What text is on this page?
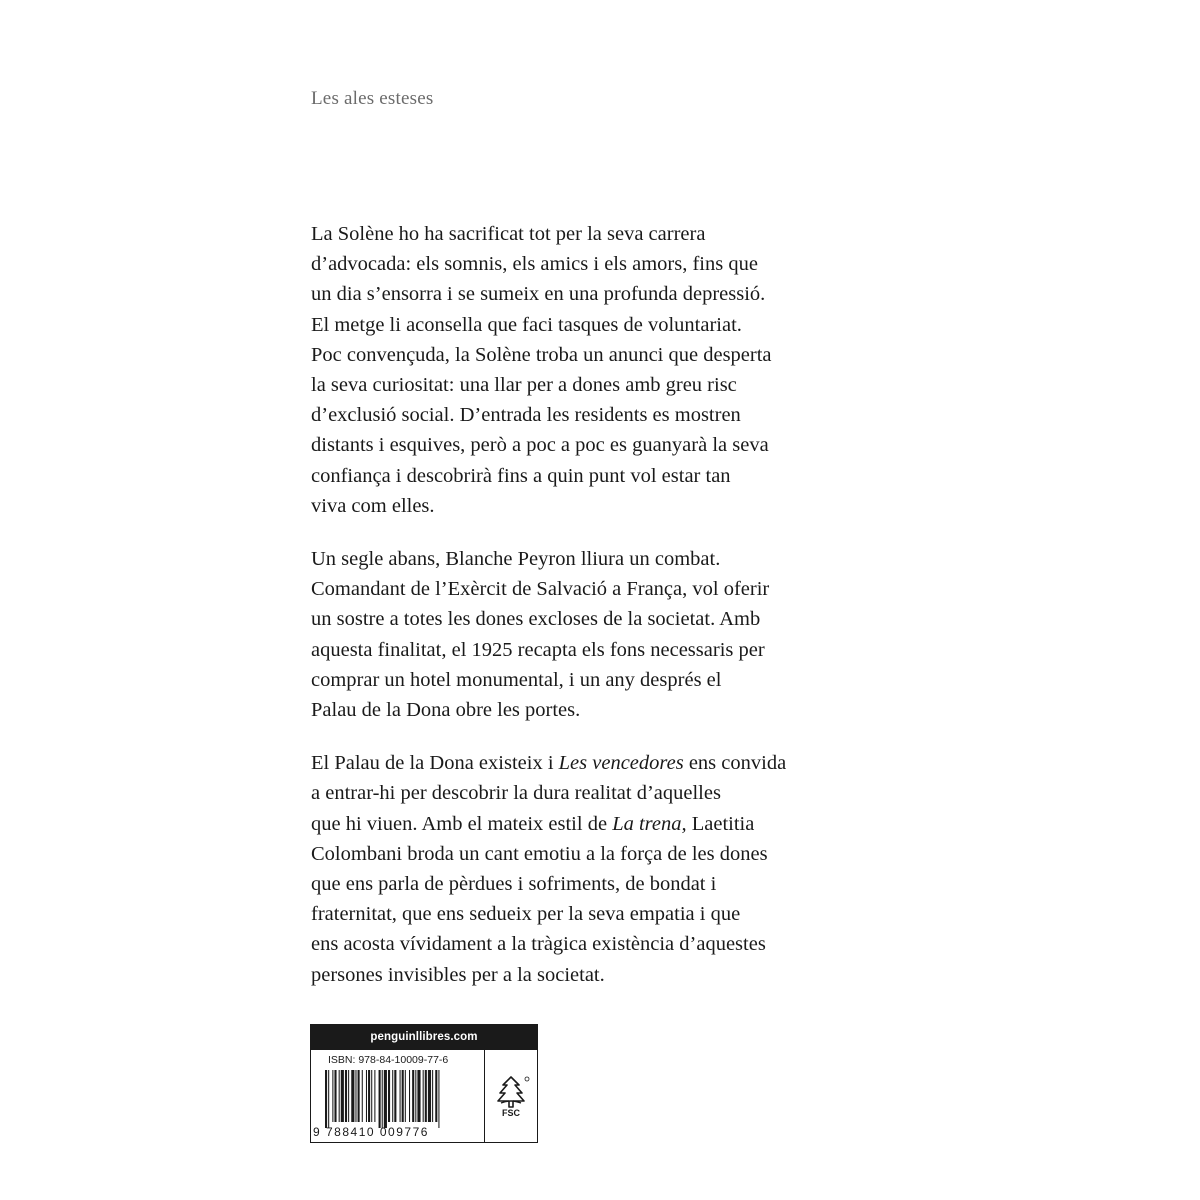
Les ales esteses

La Solène ho ha sacrificat tot per la seva carrera
d’advocada: els somnis, els amics i els amors, fins que
un dia s’ensorra i se sumeix en una profunda depressió.
El metge li aconsella que faci tasques de voluntariat.
Poc convençuda, la Solène troba un anunci que desperta
la seva curiositat: una llar per a dones amb greu risc
d’exclusió social. D’entrada les residents es mostren
distants i esquives, però a poc a poc es guanyarà la seva
confiança i descobrirà fins a quin punt vol estar tan
viva com elles.

Un segle abans, Blanche Peyron lliura un combat.
Comandant de l’Exèrcit de Salvació a França, vol oferir
un sostre a totes les dones excloses de la societat. Amb
aquesta finalitat, el 1925 recapta els fons necessaris per
comprar un hotel monumental, i un any després el
Palau de la Dona obre les portes.

El Palau de la Dona existeix i Les vencedores ens convida
a entrar-hi per descobrir la dura realitat d’aquelles
que hi viuen. Amb el mateix estil de La trena, Laetitia
Colombani broda un cant emotiu a la força de les dones
que ens parla de pèrdues i sofriments, de bondat i
fraternitat, que ens sedueix per la seva empatia i que
ens acosta vívidament a la tràgica existència d’aquestes
persones invisibles per a la societat.

penguinllibres.com
ISBN: 978-84-10009-77-6
9 788410 009776
FSC
